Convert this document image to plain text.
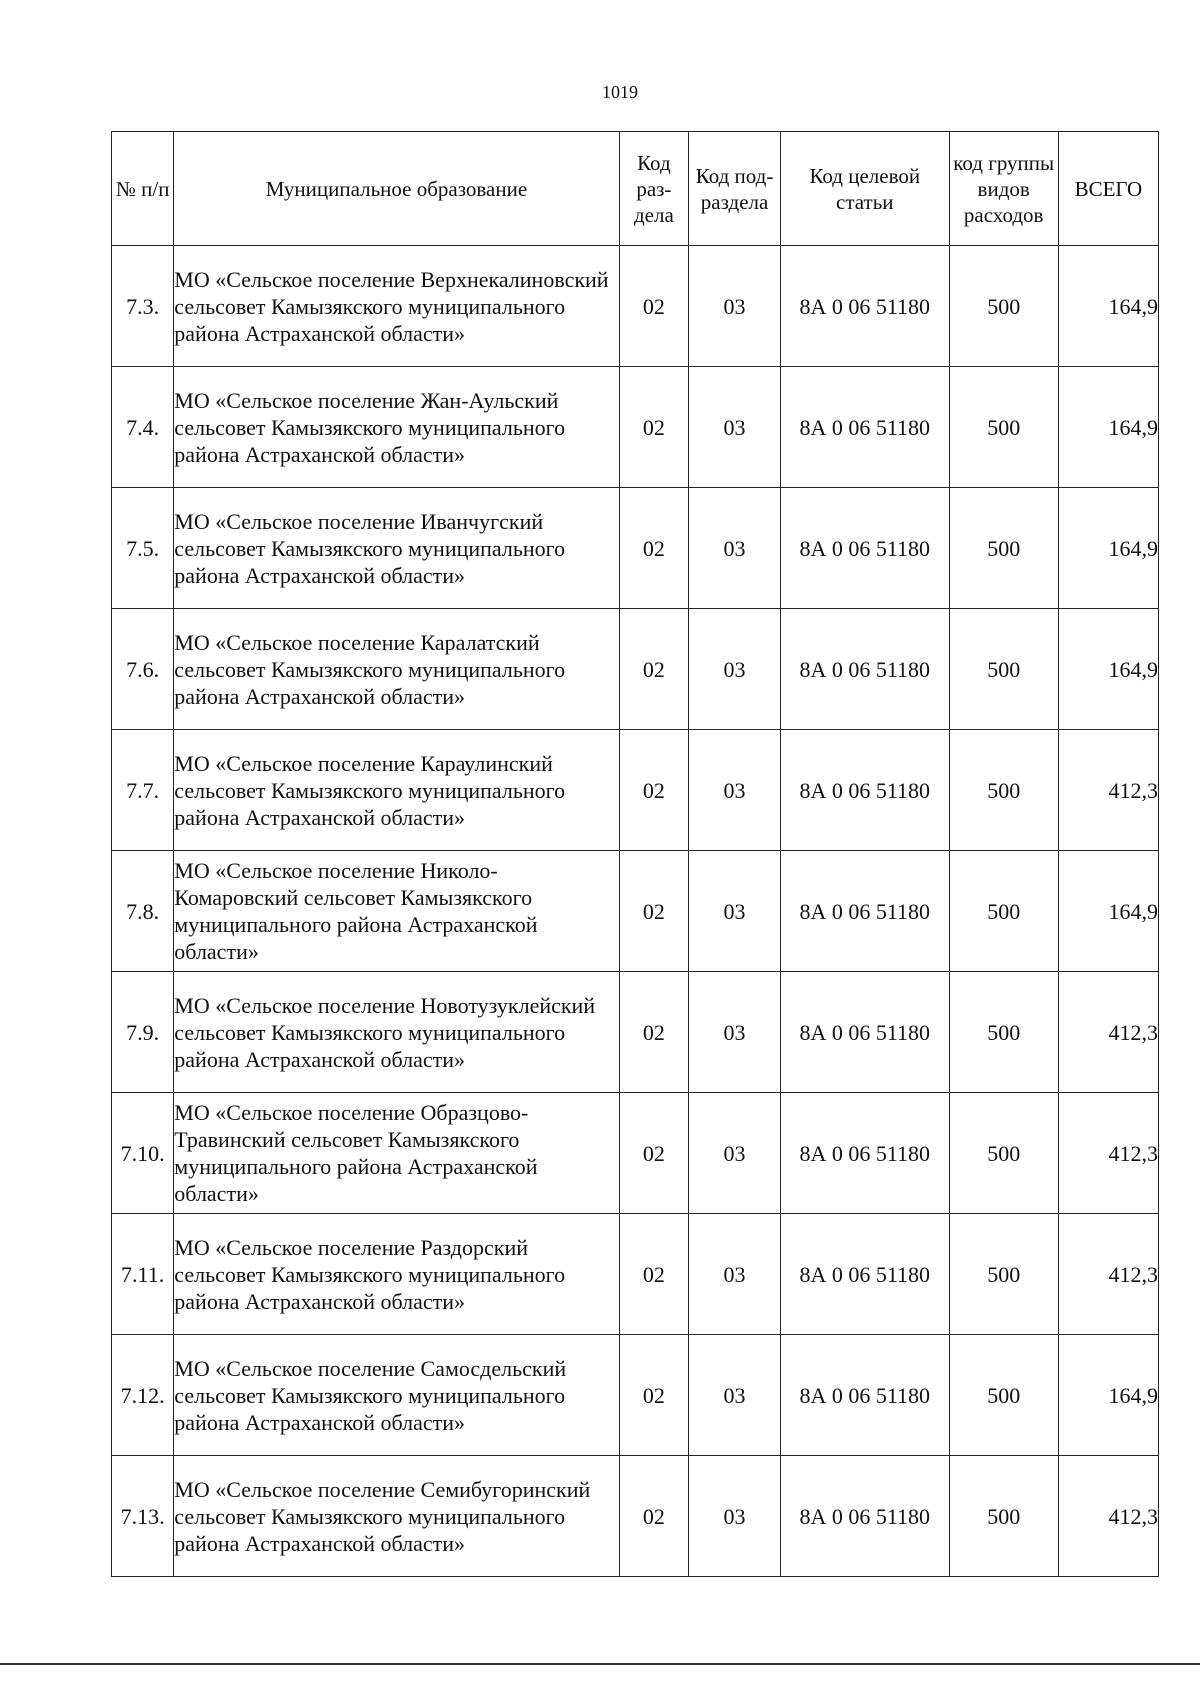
1019
№ п/п	Муниципальное образование	Код раз-дела	Код под-раздела	Код целевой статьи	код группы видов расходов	ВСЕГО
7.3.	МО «Сельское поселение Верхнекалиновский сельсовет Камызякского муниципального района Астраханской области»	02	03	8А 0 06 51180	500	164,9
7.4.	МО «Сельское поселение Жан-Аульский сельсовет Камызякского муниципального района Астраханской области»	02	03	8А 0 06 51180	500	164,9
7.5.	МО «Сельское поселение Иванчугский сельсовет Камызякского муниципального района Астраханской области»	02	03	8А 0 06 51180	500	164,9
7.6.	МО «Сельское поселение Каралатский сельсовет Камызякского муниципального района Астраханской области»	02	03	8А 0 06 51180	500	164,9
7.7.	МО «Сельское поселение Караулинский сельсовет Камызякского муниципального района Астраханской области»	02	03	8А 0 06 51180	500	412,3
7.8.	МО «Сельское поселение Николо-Комаровский сельсовет Камызякского муниципального района Астраханской области»	02	03	8А 0 06 51180	500	164,9
7.9.	МО «Сельское поселение Новотузуклейский сельсовет Камызякского муниципального района Астраханской области»	02	03	8А 0 06 51180	500	412,3
7.10.	МО «Сельское поселение Образцово-Травинский сельсовет Камызякского муниципального района Астраханской области»	02	03	8А 0 06 51180	500	412,3
7.11.	МО «Сельское поселение Раздорский сельсовет Камызякского муниципального района Астраханской области»	02	03	8А 0 06 51180	500	412,3
7.12.	МО «Сельское поселение Самосдельский сельсовет Камызякского муниципального района Астраханской области»	02	03	8А 0 06 51180	500	164,9
7.13.	МО «Сельское поселение Семибугоринский сельсовет Камызякского муниципального района Астраханской области»	02	03	8А 0 06 51180	500	412,3
